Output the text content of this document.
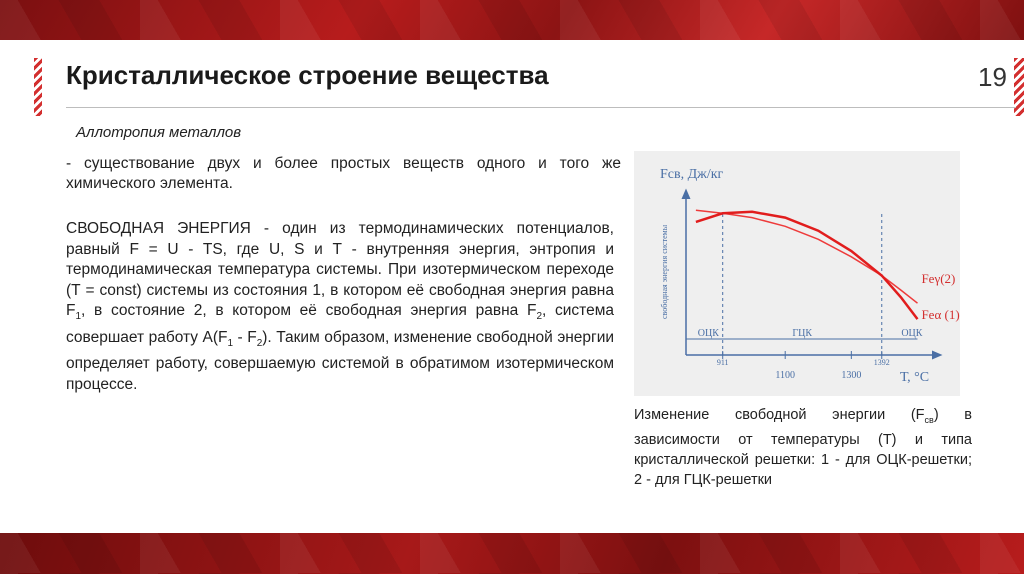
Кристаллическое строение вещества	19
Аллотропия металлов
- существование двух и более простых веществ одного и того же химического элемента.
СВОБОДНАЯ ЭНЕРГИЯ - один из термодинамических потенциалов, равный F = U - TS, где U, S и Т - внутренняя энергия, энтропия и термодинамическая температура системы. При изотермическом переходе (Т = const) системы из состояния 1, в котором её свободная энергия равна $F_1$, в состояние 2, в котором её свободная энергия равна $F_2$, система совершает работу $А(F_1 - F_2)$. Таким образом, изменение свободной энергии определяет работу, совершаемую системой в обратимом изотермическом процессе.
Fсв, Дж/кг
свободная энергия системы
Т, °С
911
1100	1300
1392
ОЦК	ГЦК	ОЦК
Feγ(2)
Feα (1)
Изменение свободной энергии $(F_{св})$ в зависимости от температуры (Т) и типа кристаллической решетки: 1 - для ОЦК-решетки; 2 - для ГЦК-решетки
